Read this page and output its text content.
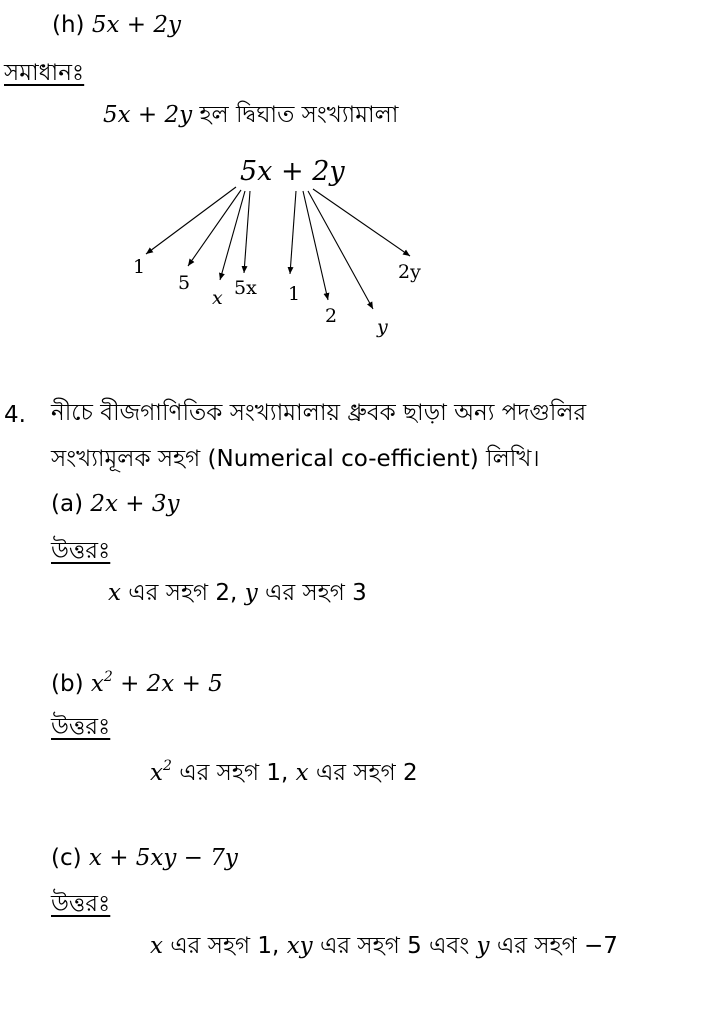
(h) 5x + 2y
সমাধানঃ
5x + 2y হল দ্বিঘাত সংখ্যামালা
5x + 2y
1
5
x 5x 1
2 y
2y
4. নীচে বীজগাণিতিক সংখ্যামালায় ধ্রুবক ছাড়া অন্য পদগুলির
সংখ্যামূলক সহগ (Numerical co-efficient) লিখি।
(a) 2x + 3y
উত্তরঃ
x এর সহগ 2, y এর সহগ 3
(b) $x^2 + 2x + 5$
উত্তরঃ
$x^2$ এর সহগ 1, x এর সহগ 2
(c) x + 5xy − 7y
উত্তরঃ
x এর সহগ 1, xy এর সহগ 5 এবং y এর সহগ −7
